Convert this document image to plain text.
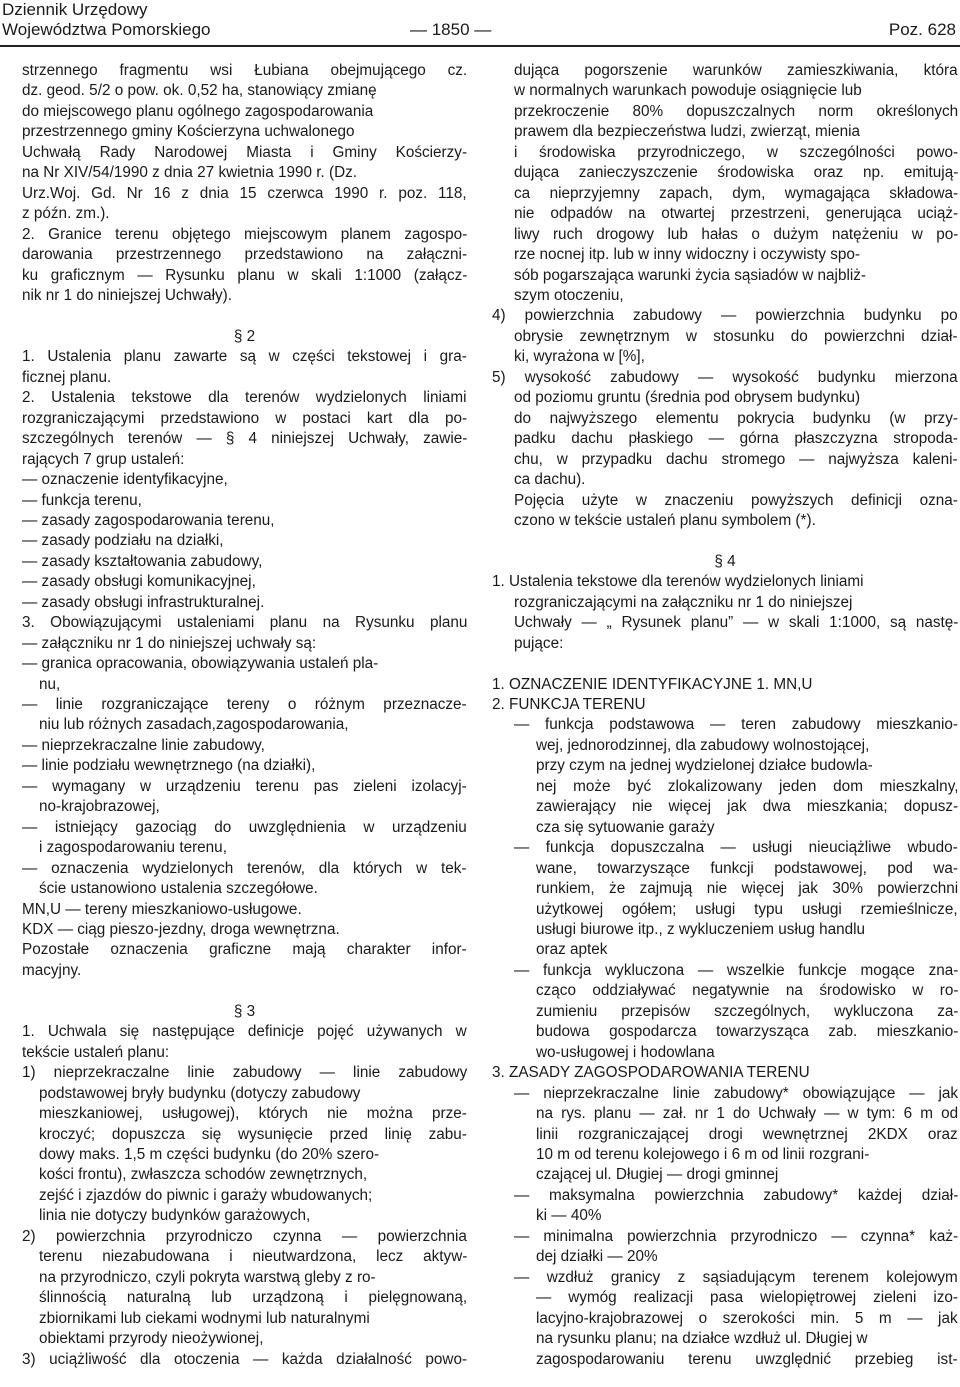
Dziennik Urzędowy
Województwa Pomorskiego	— 1850 —	Poz. 628
strzennego fragmentu wsi Łubiana obejmującego cz.
dz. geod. 5/2 o pow. ok. 0,52 ha, stanowiący zmianę
do miejscowego planu ogólnego zagospodarowania
przestrzennego gminy Kościerzyna uchwalonego
Uchwałą Rady Narodowej Miasta i Gminy Kościerzy-
na Nr XIV/54/1990 z dnia 27 kwietnia 1990 r. (Dz.
Urz.Woj. Gd. Nr 16 z dnia 15 czerwca 1990 r. poz. 118,
z późn. zm.).
2. Granice terenu objętego miejscowym planem zagospo-
darowania przestrzennego przedstawiono na załączni-
ku graficznym — Rysunku planu w skali 1:1000 (załącz-
nik nr 1 do niniejszej Uchwały).
§ 2
1. Ustalenia planu zawarte są w części tekstowej i gra-
ficznej planu.
2. Ustalenia tekstowe dla terenów wydzielonych liniami
rozgraniczającymi przedstawiono w postaci kart dla po-
szczególnych terenów — § 4 niniejszej Uchwały, zawie-
rających 7 grup ustaleń:
— oznaczenie identyfikacyjne,
— funkcja terenu,
— zasady zagospodarowania terenu,
— zasady podziału na działki,
— zasady kształtowania zabudowy,
— zasady obsługi komunikacyjnej,
— zasady obsługi infrastrukturalnej.
3. Obowiązującymi ustaleniami planu na Rysunku planu
— załączniku nr 1 do niniejszej uchwały są:
— granica opracowania, obowiązywania ustaleń pla-
nu,
— linie rozgraniczające tereny o różnym przeznacze-
niu lub różnych zasadach,zagospodarowania,
— nieprzekraczalne linie zabudowy,
— linie podziału wewnętrznego (na działki),
— wymagany w urządzeniu terenu pas zieleni izolacyj-
no-krajobrazowej,
— istniejący gazociąg do uwzględnienia w urządzeniu
i zagospodarowaniu terenu,
— oznaczenia wydzielonych terenów, dla których w tek-
ście ustanowiono ustalenia szczegółowe.
MN,U — tereny mieszkaniowo-usługowe.
KDX — ciąg pieszo-jezdny, droga wewnętrzna.
Pozostałe oznaczenia graficzne mają charakter infor-
macyjny.
§ 3
1. Uchwala się następujące definicje pojęć używanych w
tekście ustaleń planu:
1) nieprzekraczalne linie zabudowy — linie zabudowy
podstawowej bryły budynku (dotyczy zabudowy
mieszkaniowej, usługowej), których nie można prze-
kroczyć; dopuszcza się wysunięcie przed linię zabu-
dowy maks. 1,5 m części budynku (do 20% szero-
kości frontu), zwłaszcza schodów zewnętrznych,
zejść i zjazdów do piwnic i garaży wbudowanych;
linia nie dotyczy budynków garażowych,
2) powierzchnia przyrodniczo czynna — powierzchnia
terenu niezabudowana i nieutwardzona, lecz aktyw-
na przyrodniczo, czyli pokryta warstwą gleby z ro-
ślinnością naturalną lub urządzoną i pielęgnowaną,
zbiornikami lub ciekami wodnymi lub naturalnymi
obiektami przyrody nieożywionej,
3) uciążliwość dla otoczenia — każda działalność powo-
dująca pogorszenie warunków zamieszkiwania, która
w normalnych warunkach powoduje osiągnięcie lub
przekroczenie 80% dopuszczalnych norm określonych
prawem dla bezpieczeństwa ludzi, zwierząt, mienia
i środowiska przyrodniczego, w szczególności powo-
dująca zanieczyszczenie środowiska oraz np. emitują-
ca nieprzyjemny zapach, dym, wymagająca składowa-
nie odpadów na otwartej przestrzeni, generująca uciąż-
liwy ruch drogowy lub hałas o dużym natężeniu w po-
rze nocnej itp. lub w inny widoczny i oczywisty spo-
sób pogarszająca warunki życia sąsiadów w najbliż-
szym otoczeniu,
4) powierzchnia zabudowy — powierzchnia budynku po
obrysie zewnętrznym w stosunku do powierzchni dział-
ki, wyrażona w [%],
5) wysokość zabudowy — wysokość budynku mierzona
od poziomu gruntu (średnia pod obrysem budynku)
do najwyższego elementu pokrycia budynku (w przy-
padku dachu płaskiego — górna płaszczyzna stropoda-
chu, w przypadku dachu stromego — najwyższa kaleni-
ca dachu).
Pojęcia użyte w znaczeniu powyższych definicji ozna-
czono w tekście ustaleń planu symbolem (*).
§ 4
1. Ustalenia tekstowe dla terenów wydzielonych liniami
rozgraniczającymi na załączniku nr 1 do niniejszej
Uchwały — „ Rysunek planu” — w skali 1:1000, są nastę-
pujące:
1. OZNACZENIE IDENTYFIKACYJNE 1. MN,U
2. FUNKCJA TERENU
— funkcja podstawowa — teren zabudowy mieszkanio-
wej, jednorodzinnej, dla zabudowy wolnostojącej,
przy czym na jednej wydzielonej działce budowla-
nej może być zlokalizowany jeden dom mieszkalny,
zawierający nie więcej jak dwa mieszkania; dopusz-
cza się sytuowanie garaży
— funkcja dopuszczalna — usługi nieuciążliwe wbudo-
wane, towarzyszące funkcji podstawowej, pod wa-
runkiem, że zajmują nie więcej jak 30% powierzchni
użytkowej ogółem; usługi typu usługi rzemieślnicze,
usługi biurowe itp., z wykluczeniem usług handlu
oraz aptek
— funkcja wykluczona — wszelkie funkcje mogące zna-
cząco oddziaływać negatywnie na środowisko w ro-
zumieniu przepisów szczególnych, wykluczona za-
budowa gospodarcza towarzysząca zab. mieszkanio-
wo-usługowej i hodowlana
3. ZASADY ZAGOSPODAROWANIA TERENU
— nieprzekraczalne linie zabudowy* obowiązujące — jak
na rys. planu — zał. nr 1 do Uchwały — w tym: 6 m od
linii rozgraniczającej drogi wewnętrznej 2KDX oraz
10 m od terenu kolejowego i 6 m od linii rozgrani-
czającej ul. Długiej — drogi gminnej
— maksymalna powierzchnia zabudowy* każdej dział-
ki — 40%
— minimalna powierzchnia przyrodniczo — czynna* każ-
dej działki — 20%
— wzdłuż granicy z sąsiadującym terenem kolejowym
— wymóg realizacji pasa wielopiętrowej zieleni izo-
lacyjno-krajobrazowej o szerokości min. 5 m — jak
na rysunku planu; na działce wzdłuż ul. Długiej w
zagospodarowaniu terenu uwzględnić przebieg ist-
